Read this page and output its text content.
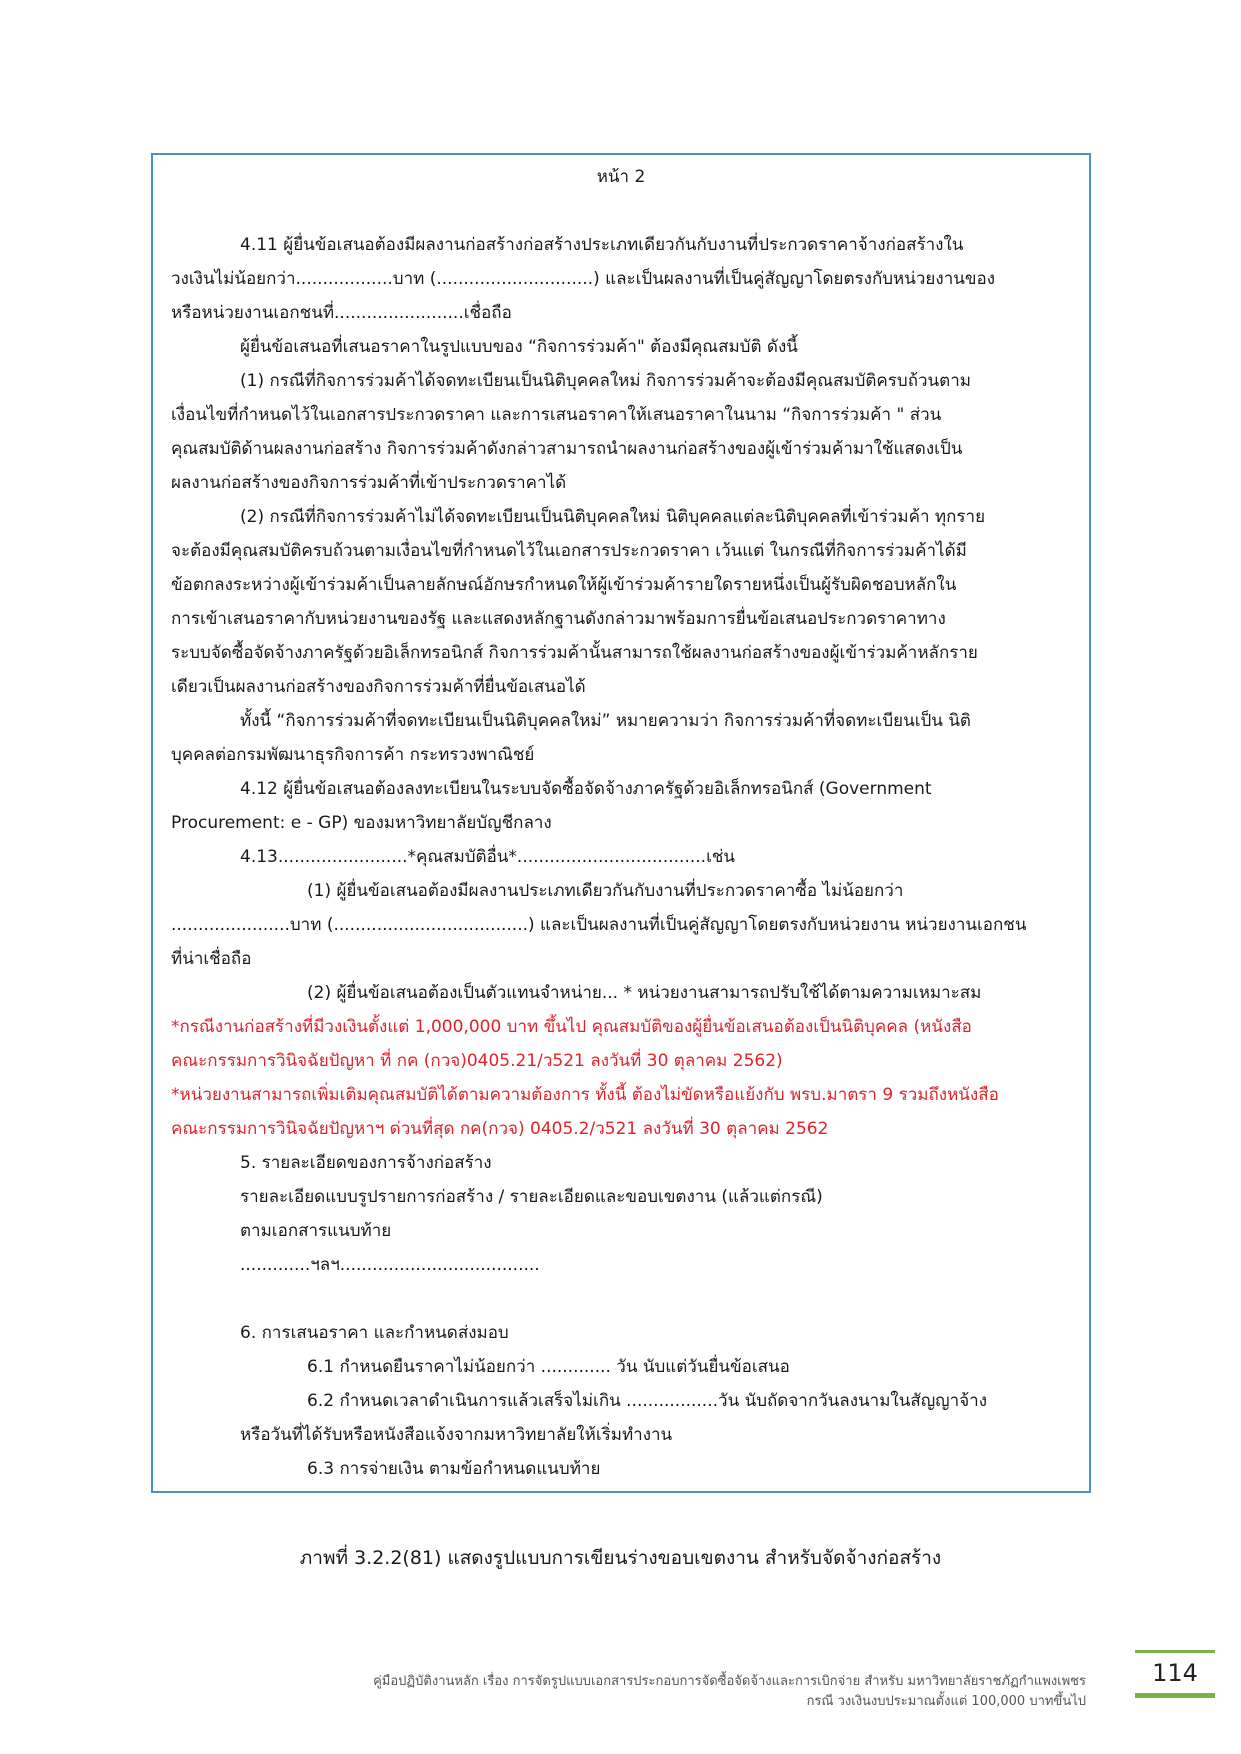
หน้า 2
4.11 ผู้ยื่นข้อเสนอต้องมีผลงานก่อสร้างก่อสร้างประเภทเดียวกันกับงานที่ประกวดราคาจ้างก่อสร้างใน
วงเงินไม่น้อยกว่า..................บาท (.............................) และเป็นผลงานที่เป็นคู่สัญญาโดยตรงกับหน่วยงานของ
หรือหน่วยงานเอกชนที่........................เชื่อถือ
ผู้ยื่นข้อเสนอที่เสนอราคาในรูปแบบของ “กิจการร่วมค้า" ต้องมีคุณสมบัติ ดังนี้
(1) กรณีที่กิจการร่วมค้าได้จดทะเบียนเป็นนิติบุคคลใหม่ กิจการร่วมค้าจะต้องมีคุณสมบัติครบถ้วนตาม
เงื่อนไขที่กำหนดไว้ในเอกสารประกวดราคา และการเสนอราคาให้เสนอราคาในนาม “กิจการร่วมค้า " ส่วน
คุณสมบัติด้านผลงานก่อสร้าง กิจการร่วมค้าดังกล่าวสามารถนำผลงานก่อสร้างของผู้เข้าร่วมค้ามาใช้แสดงเป็น
ผลงานก่อสร้างของกิจการร่วมค้าที่เข้าประกวดราคาได้
(2) กรณีที่กิจการร่วมค้าไม่ได้จดทะเบียนเป็นนิติบุคคลใหม่ นิติบุคคลแต่ละนิติบุคคลที่เข้าร่วมค้า ทุกราย
จะต้องมีคุณสมบัติครบถ้วนตามเงื่อนไขที่กำหนดไว้ในเอกสารประกวดราคา เว้นแต่ ในกรณีที่กิจการร่วมค้าได้มี
ข้อตกลงระหว่างผู้เข้าร่วมค้าเป็นลายลักษณ์อักษรกำหนดให้ผู้เข้าร่วมค้ารายใดรายหนึ่งเป็นผู้รับผิดชอบหลักใน
การเข้าเสนอราคากับหน่วยงานของรัฐ และแสดงหลักฐานดังกล่าวมาพร้อมการยื่นข้อเสนอประกวดราคาทาง
ระบบจัดซื้อจัดจ้างภาครัฐด้วยอิเล็กทรอนิกส์ กิจการร่วมค้านั้นสามารถใช้ผลงานก่อสร้างของผู้เข้าร่วมค้าหลักราย
เดียวเป็นผลงานก่อสร้างของกิจการร่วมค้าที่ยื่นข้อเสนอได้
ทั้งนี้ “กิจการร่วมค้าที่จดทะเบียนเป็นนิติบุคคลใหม่” หมายความว่า กิจการร่วมค้าที่จดทะเบียนเป็น นิติ
บุคคลต่อกรมพัฒนาธุรกิจการค้า กระทรวงพาณิชย์
4.12 ผู้ยื่นข้อเสนอต้องลงทะเบียนในระบบจัดซื้อจัดจ้างภาครัฐด้วยอิเล็กทรอนิกส์ (Government
Procurement: e - GP) ของมหาวิทยาลัยบัญชีกลาง
4.13........................*คุณสมบัติอื่น*...................................เช่น
(1) ผู้ยื่นข้อเสนอต้องมีผลงานประเภทเดียวกันกับงานที่ประกวดราคาซื้อ ไม่น้อยกว่า
......................บาท (....................................) และเป็นผลงานที่เป็นคู่สัญญาโดยตรงกับหน่วยงาน หน่วยงานเอกชน
ที่น่าเชื่อถือ
(2) ผู้ยื่นข้อเสนอต้องเป็นตัวแทนจำหน่าย... * หน่วยงานสามารถปรับใช้ได้ตามความเหมาะสม
*กรณีงานก่อสร้างที่มีวงเงินตั้งแต่ 1,000,000 บาท ขึ้นไป คุณสมบัติของผู้ยื่นข้อเสนอต้องเป็นนิติบุคคล (หนังสือ
คณะกรรมการวินิจฉัยปัญหา ที่ กค (กวจ)0405.21/ว521 ลงวันที่ 30 ตุลาคม 2562)
*หน่วยงานสามารถเพิ่มเติมคุณสมบัติได้ตามความต้องการ ทั้งนี้ ต้องไม่ขัดหรือแย้งกับ พรบ.มาตรา 9 รวมถึงหนังสือ
คณะกรรมการวินิจฉัยปัญหาฯ ด่วนที่สุด กค(กวจ) 0405.2/ว521 ลงวันที่ 30 ตุลาคม 2562
5. รายละเอียดของการจ้างก่อสร้าง
รายละเอียดแบบรูปรายการก่อสร้าง / รายละเอียดและขอบเขตงาน (แล้วแต่กรณี)
ตามเอกสารแนบท้าย
.............ฯลฯ.....................................
6. การเสนอราคา และกำหนดส่งมอบ
6.1 กำหนดยืนราคาไม่น้อยกว่า ............. วัน นับแต่วันยื่นข้อเสนอ
6.2 กำหนดเวลาดำเนินการแล้วเสร็จไม่เกิน .................วัน นับถัดจากวันลงนามในสัญญาจ้าง
หรือวันที่ได้รับหรือหนังสือแจ้งจากมหาวิทยาลัยให้เริ่มทำงาน
6.3 การจ่ายเงิน ตามข้อกำหนดแนบท้าย
ภาพที่ 3.2.2(81) แสดงรูปแบบการเขียนร่างขอบเขตงาน สำหรับจัดจ้างก่อสร้าง
คู่มือปฏิบัติงานหลัก เรื่อง การจัดรูปแบบเอกสารประกอบการจัดซื้อจัดจ้างและการเบิกจ่าย สำหรับ มหาวิทยาลัยราชภัฏกำแพงเพชร
กรณี วงเงินงบประมาณตั้งแต่ 100,000 บาทขึ้นไป
114
